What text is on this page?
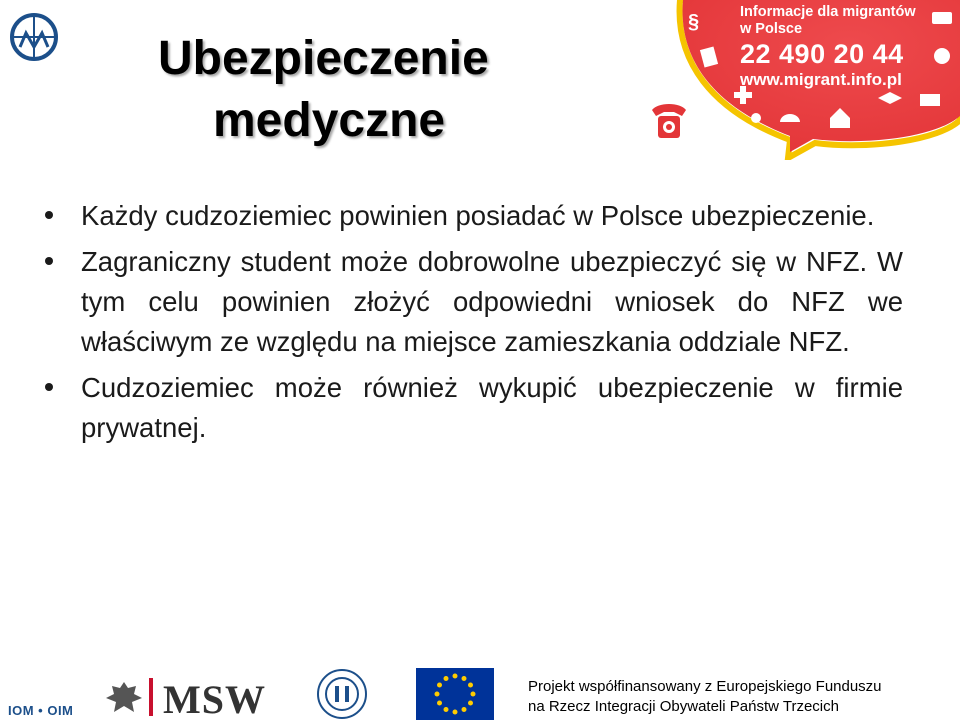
Ubezpieczenie
medyczne
§	Informacje dla migrantów
w Polsce
22 490 20 44
www.migrant.info.pl

Każdy cudzoziemiec powinien posiadać w Polsce ubezpieczenie.

Zagraniczny student może dobrowolne ubezpieczyć się w NFZ. W tym celu powinien złożyć odpowiedni wniosek do NFZ we właściwym ze względu na miejsce zamieszkania oddziale NFZ.

Cudzoziemiec może również wykupić ubezpieczenie w firmie prywatnej.

IOM • OIM MSW	Projekt współfinansowany z Europejskiego Funduszu
na Rzecz Integracji Obywateli Państw Trzecich
